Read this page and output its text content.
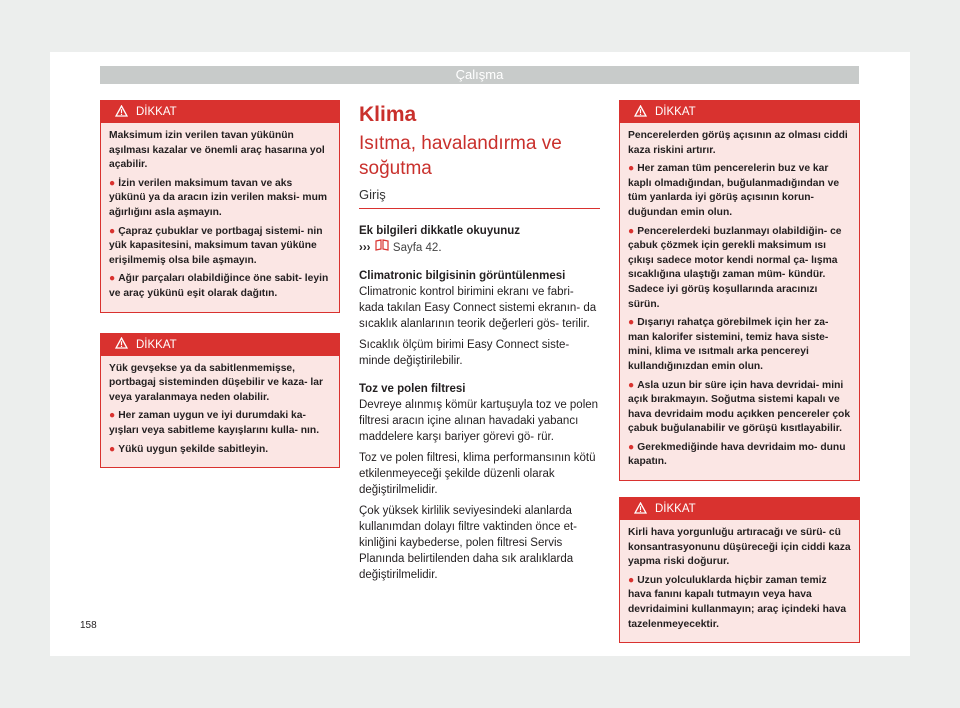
Çalışma
DİKKAT

Maksimum izin verilen tavan yükünün aşılması kazalar ve önemli araç hasarına yol açabilir.

● İzin verilen maksimum tavan ve aks yükünü ya da aracın izin verilen maksi- mum ağırlığını asla aşmayın.

● Çapraz çubuklar ve portbagaj sistemi- nin yük kapasitesini, maksimum tavan yüküne erişilmemiş olsa bile aşmayın.

● Ağır parçaları olabildiğince öne sabit- leyin ve araç yükünü eşit olarak dağıtın.

DİKKAT

Yük gevşekse ya da sabitlenmemişse, portbagaj sisteminden düşebilir ve kaza- lar veya yaralanmaya neden olabilir.

● Her zaman uygun ve iyi durumdaki ka- yışları veya sabitleme kayışlarını kulla- nın.

● Yükü uygun şekilde sabitleyin.

Klima
Isıtma, havalandırma ve soğutma
Giriş

Ek bilgileri dikkatle okuyunuz

››› Sayfa 42.

Climatronic bilgisinin görüntülenmesi

Climatronic kontrol birimini ekranı ve fabri- kada takılan Easy Connect sistemi ekranın- da sıcaklık alanlarının teorik değerleri gös- terilir.

Sıcaklık ölçüm birimi Easy Connect siste- minde değiştirilebilir.

Toz ve polen filtresi

Devreye alınmış kömür kartuşuyla toz ve polen filtresi aracın içine alınan havadaki yabancı maddelere karşı bariyer görevi gö- rür.

Toz ve polen filtresi, klima performansının kötü etkilenmeyeceği şekilde düzenli olarak değiştirilmelidir.

Çok yüksek kirlilik seviyesindeki alanlarda kullanımdan dolayı filtre vaktinden önce et- kinliğini kaybederse, polen filtresi Servis Planında belirtilenden daha sık aralıklarda değiştirilmelidir.

DİKKAT

Pencerelerden görüş açısının az olması ciddi kaza riskini artırır.

● Her zaman tüm pencerelerin buz ve kar kaplı olmadığından, buğulanmadığından ve tüm yanlarda iyi görüş açısının korun- duğundan emin olun.

● Pencerelerdeki buzlanmayı olabildiğin- ce çabuk çözmek için gerekli maksimum ısı çıkışı sadece motor kendi normal ça- lışma sıcaklığına ulaştığı zaman müm- kündür. Sadece iyi görüş koşullarında aracınızı sürün.

● Dışarıyı rahatça görebilmek için her za- man kalorifer sistemini, temiz hava siste- mini, klima ve ısıtmalı arka pencereyi kullandığınızdan emin olun.

● Asla uzun bir süre için hava devridai- mini açık bırakmayın. Soğutma sistemi kapalı ve hava devridaim modu açıkken pencereler çok çabuk buğulanabilir ve görüşü kısıtlayabilir.

● Gerekmediğinde hava devridaim mo- dunu kapatın.

DİKKAT

Kirli hava yorgunluğu artıracağı ve sürü- cü konsantrasyonunu düşüreceği için ciddi kaza yapma riski doğurur.

● Uzun yolculuklarda hiçbir zaman temiz hava fanını kapalı tutmayın veya hava devridaimini kullanmayın; araç içindeki hava tazelenmeyecektir.

158
